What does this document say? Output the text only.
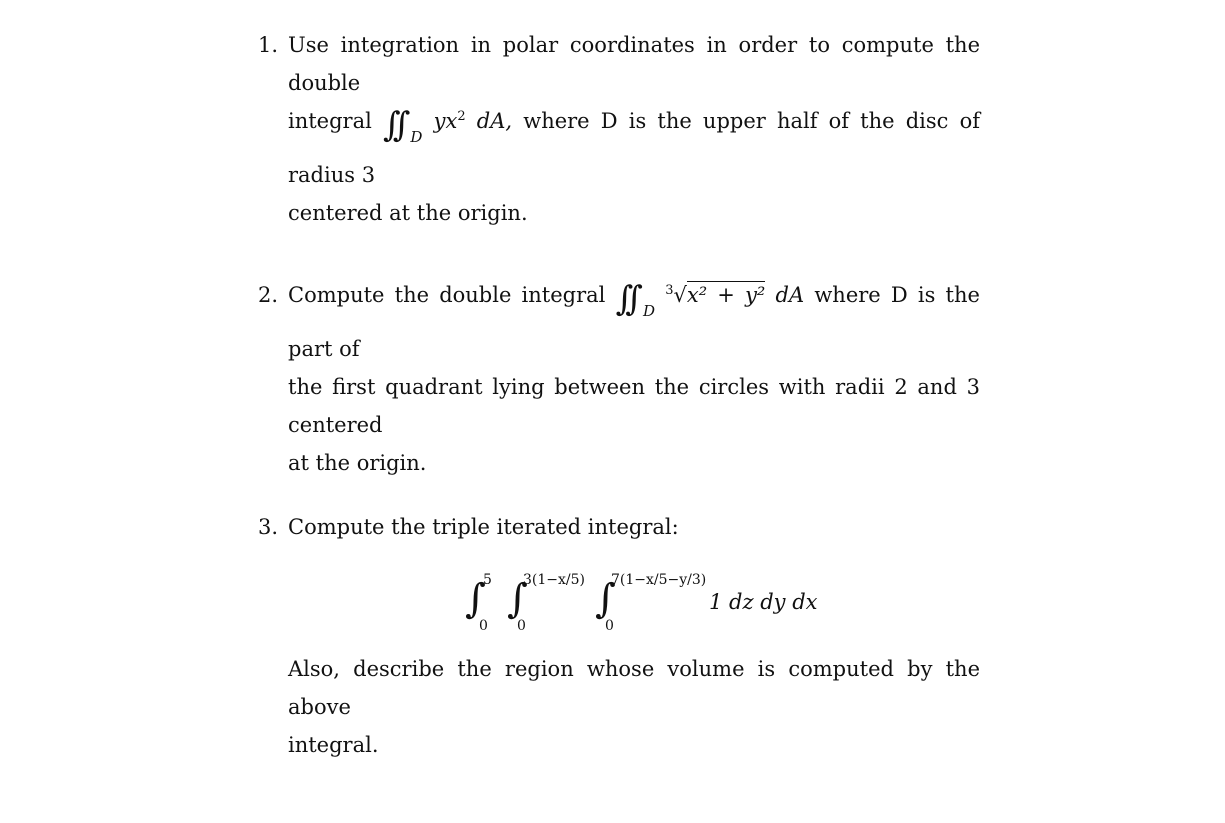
1. Use integration in polar coordinates in order to compute the double
integral ∫∫ $_D$ $yx^2$ dA, where D is the upper half of the disc of radius 3
centered at the origin.
2. Compute the double integral ∫∫ $_D$ $^3$√x² + y² dA where D is the part of
the first quadrant lying between the circles with radii 2 and 3 centered
at the origin.
3. Compute the triple iterated integral:
∫
5
0
∫
3(1−x/5)
0
∫
7(1−x/5−y/3)
0
1 dz dy dx
Also, describe the region whose volume is computed by the above
integral.
